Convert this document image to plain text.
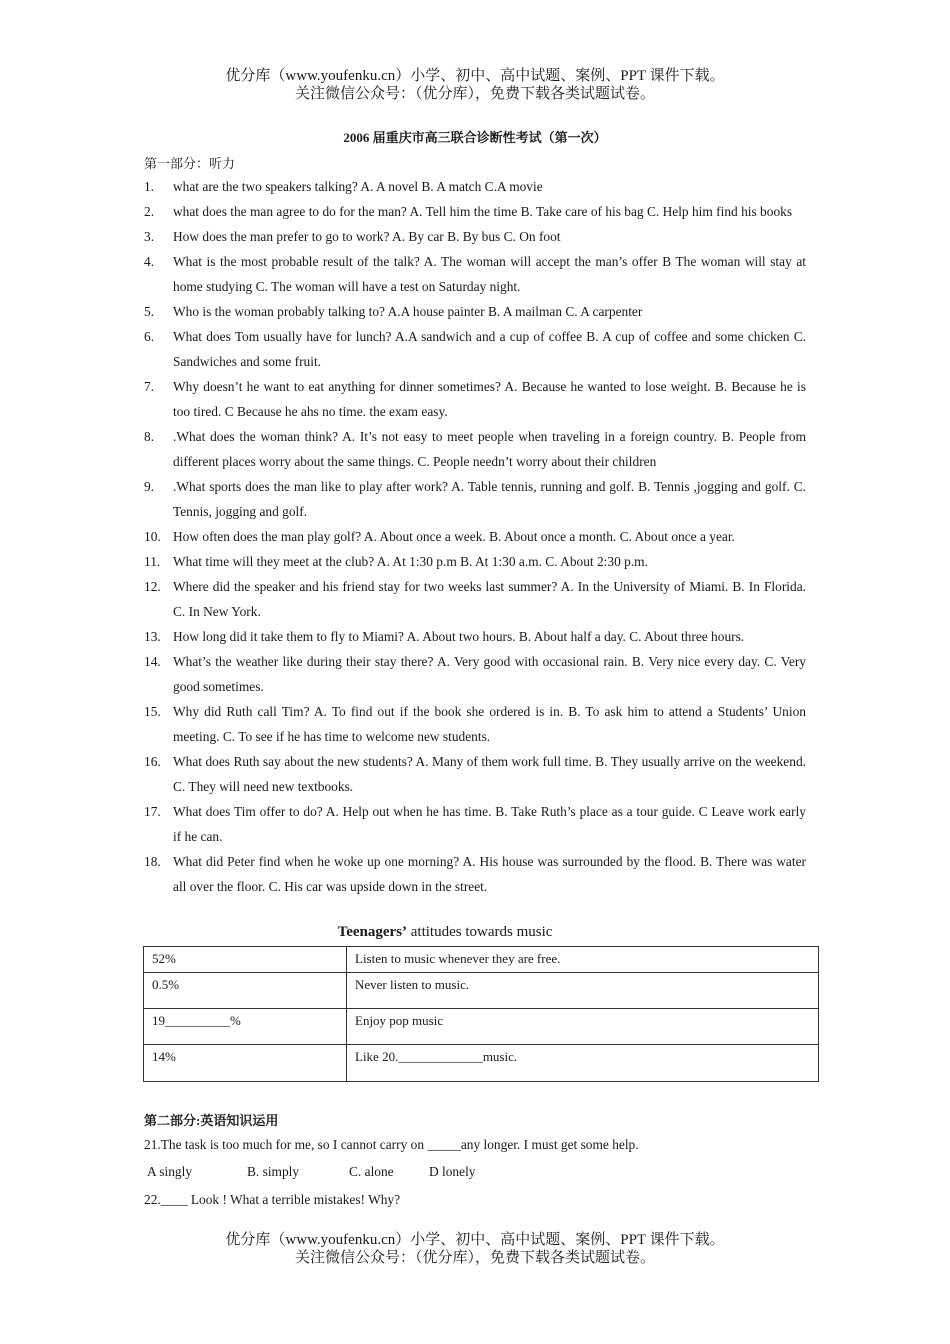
优分库（www.youfenku.cn）小学、初中、高中试题、案例、PPT 课件下载。
关注微信公众号：（优分库），免费下载各类试题试卷。
2006 届重庆市高三联合诊断性考试（第一次）
第一部分：听力
1. what are the two speakers talking? A. A novel B. A match C.A movie
2. what does the man agree to do for the man? A. Tell him the time B. Take care of his bag C. Help him find his books
3. How does the man prefer to go to work? A. By car B. By bus C. On foot
4. What is the most probable result of the talk? A. The woman will accept the man’s offer B The woman will stay at home studying C. The woman will have a test on Saturday night.
5. Who is the woman probably talking to? A.A house painter B. A mailman C. A carpenter
6. What does Tom usually have for lunch? A.A sandwich and a cup of coffee B. A cup of coffee and some chicken C. Sandwiches and some fruit.
7. Why doesn’t he want to eat anything for dinner sometimes? A. Because he wanted to lose weight. B. Because he is too tired. C Because he ahs no time. the exam easy.
8. .What does the woman think? A. It’s not easy to meet people when traveling in a foreign country. B. People from different places worry about the same things. C. People needn’t worry about their children
9. .What sports does the man like to play after work? A. Table tennis, running and golf. B. Tennis ,jogging and golf. C. Tennis, jogging and golf.
10. How often does the man play golf? A. About once a week. B. About once a month. C. About once a year.
11. What time will they meet at the club? A. At 1:30 p.m B. At 1:30 a.m. C. About 2:30 p.m.
12. Where did the speaker and his friend stay for two weeks last summer? A. In the University of Miami. B. In Florida. C. In New York.
13. How long did it take them to fly to Miami? A. About two hours. B. About half a day. C. About three hours.
14. What’s the weather like during their stay there? A. Very good with occasional rain. B. Very nice every day. C. Very good sometimes.
15. Why did Ruth call Tim? A. To find out if the book she ordered is in. B. To ask him to attend a Students’ Union meeting. C. To see if he has time to welcome new students.
16. What does Ruth say about the new students? A. Many of them work full time. B. They usually arrive on the weekend. C. They will need new textbooks.
17. What does Tim offer to do? A. Help out when he has time. B. Take Ruth’s place as a tour guide. C Leave work early if he can.
18. What did Peter find when he woke up one morning? A. His house was surrounded by the flood. B. There was water all over the floor. C. His car was upside down in the street.
Teenagers’ attitudes towards music
52%	Listen to music whenever they are free.
0.5%	Never listen to music.
19__________%	Enjoy pop music
14%	Like 20._____________music.
第二部分:英语知识运用
21.The task is too much for me, so I cannot carry on _____any longer. I must get some help.
A singly	B. simply	C. alone	D lonely
22.____ Look ! What a terrible mistakes! Why?
优分库（www.youfenku.cn）小学、初中、高中试题、案例、PPT 课件下载。
关注微信公众号：（优分库），免费下载各类试题试卷。
